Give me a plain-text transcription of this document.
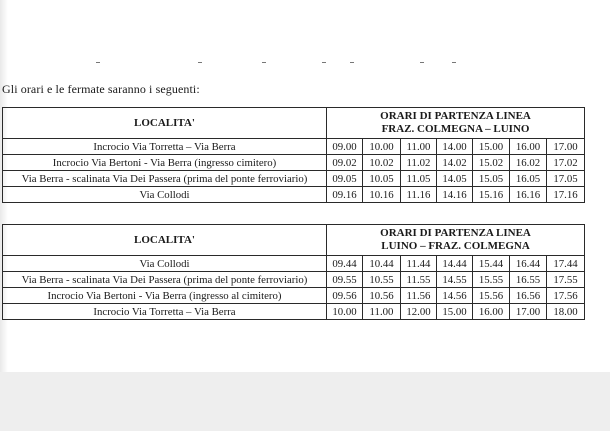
Gli orari e le fermate saranno i seguenti:
LOCALITA'	ORARI DI PARTENZA LINEA
FRAZ. COLMEGNA – LUINO						

Incrocio Via Torretta – Via Berra	09.00	10.00	11.00	14.00	15.00	16.00	17.00
Incrocio Via Bertoni - Via Berra (ingresso cimitero)	09.02	10.02	11.02	14.02	15.02	16.02	17.02
Via Berra - scalinata Via Dei Passera (prima del ponte ferroviario)	09.05	10.05	11.05	14.05	15.05	16.05	17.05
Via Collodi	09.16	10.16	11.16	14.16	15.16	16.16	17.16
LOCALITA'	ORARI DI PARTENZA LINEA
LUINO – FRAZ. COLMEGNA						

Via Collodi	09.44	10.44	11.44	14.44	15.44	16.44	17.44
Via Berra - scalinata Via Dei Passera (prima del ponte ferroviario)	09.55	10.55	11.55	14.55	15.55	16.55	17.55
Incrocio Via Bertoni - Via Berra (ingresso al cimitero)	09.56	10.56	11.56	14.56	15.56	16.56	17.56
Incrocio Via Torretta – Via Berra	10.00	11.00	12.00	15.00	16.00	17.00	18.00
